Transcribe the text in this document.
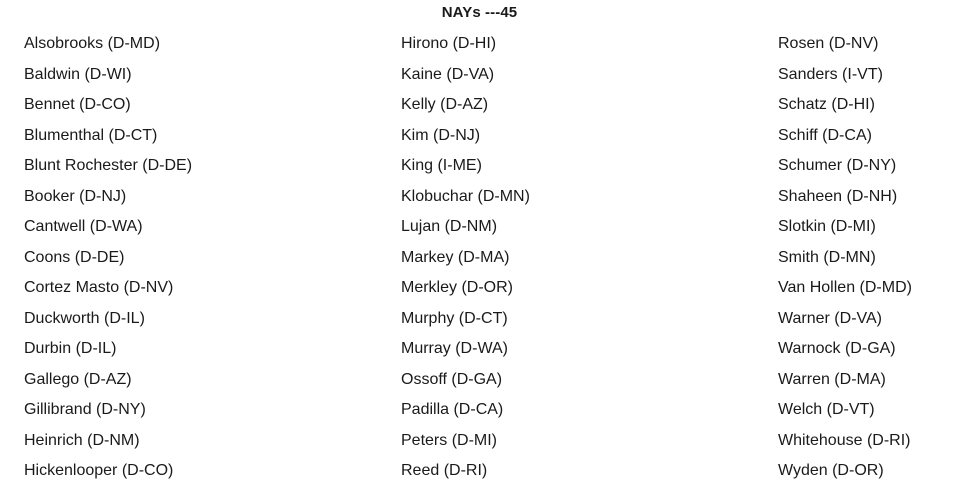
NAYs ---45
Alsobrooks (D-MD)
Baldwin (D-WI)
Bennet (D-CO)
Blumenthal (D-CT)
Blunt Rochester (D-DE)
Booker (D-NJ)
Cantwell (D-WA)
Coons (D-DE)
Cortez Masto (D-NV)
Duckworth (D-IL)
Durbin (D-IL)
Gallego (D-AZ)
Gillibrand (D-NY)
Heinrich (D-NM)
Hickenlooper (D-CO)
Hirono (D-HI)
Kaine (D-VA)
Kelly (D-AZ)
Kim (D-NJ)
King (I-ME)
Klobuchar (D-MN)
Lujan (D-NM)
Markey (D-MA)
Merkley (D-OR)
Murphy (D-CT)
Murray (D-WA)
Ossoff (D-GA)
Padilla (D-CA)
Peters (D-MI)
Reed (D-RI)
Rosen (D-NV)
Sanders (I-VT)
Schatz (D-HI)
Schiff (D-CA)
Schumer (D-NY)
Shaheen (D-NH)
Slotkin (D-MI)
Smith (D-MN)
Van Hollen (D-MD)
Warner (D-VA)
Warnock (D-GA)
Warren (D-MA)
Welch (D-VT)
Whitehouse (D-RI)
Wyden (D-OR)
